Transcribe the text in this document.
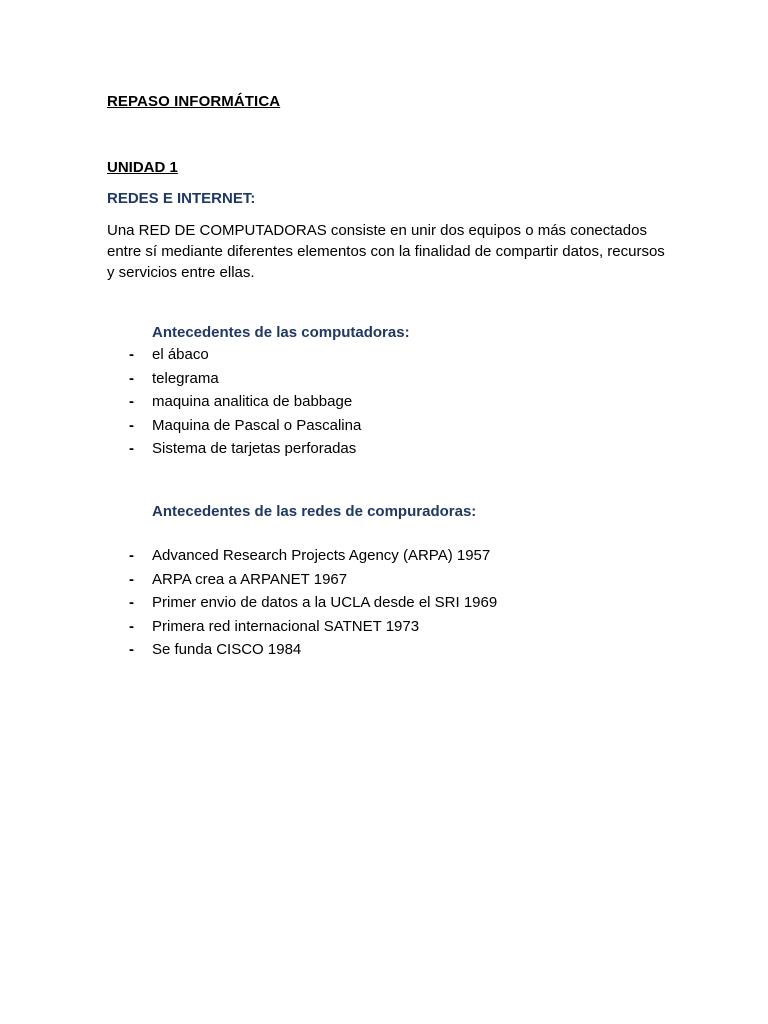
REPASO INFORMÁTICA
UNIDAD 1
REDES E INTERNET:

Una RED DE COMPUTADORAS consiste en unir dos equipos o más conectados entre sí mediante diferentes elementos con la finalidad de compartir datos, recursos y servicios entre ellas.

Antecedentes de las computadoras:
- el ábaco
- telegrama
- maquina analitica de babbage
- Maquina de Pascal o Pascalina
- Sistema de tarjetas perforadas
Antecedentes de las redes de compuradoras:
- Advanced Research Projects Agency (ARPA) 1957
- ARPA crea a ARPANET 1967
- Primer envio de datos a la UCLA desde el SRI 1969
- Primera red internacional SATNET 1973
- Se funda CISCO 1984
